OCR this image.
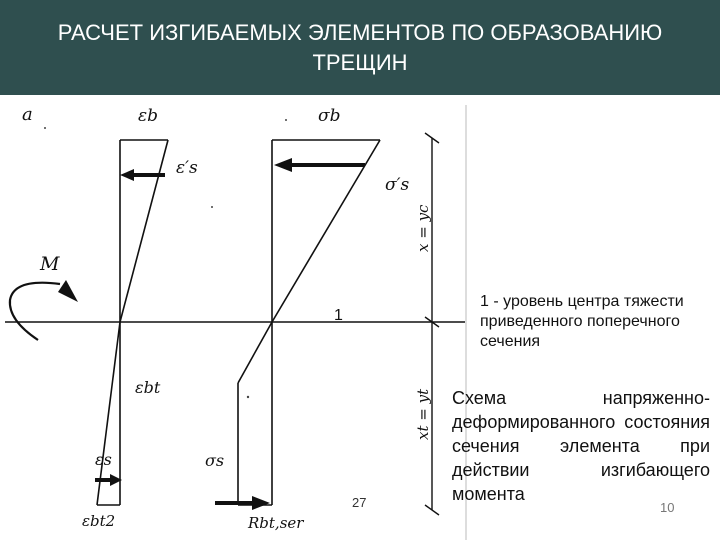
РАСЧЕТ ИЗГИБАЕМЫХ ЭЛЕМЕНТОВ ПО ОБРАЗОВАНИЮ
ТРЕЩИН
a	εb
ε′s
σb
σ′s
M
1
εbt
εs	σs
εbt2	Rbt,ser
x = yc
xt = yt
1 - уровень центра тяжести приведенного поперечного сечения
Схема напряженно-деформированного состояния сечения элемента при действии изгибающего момента
27	10
